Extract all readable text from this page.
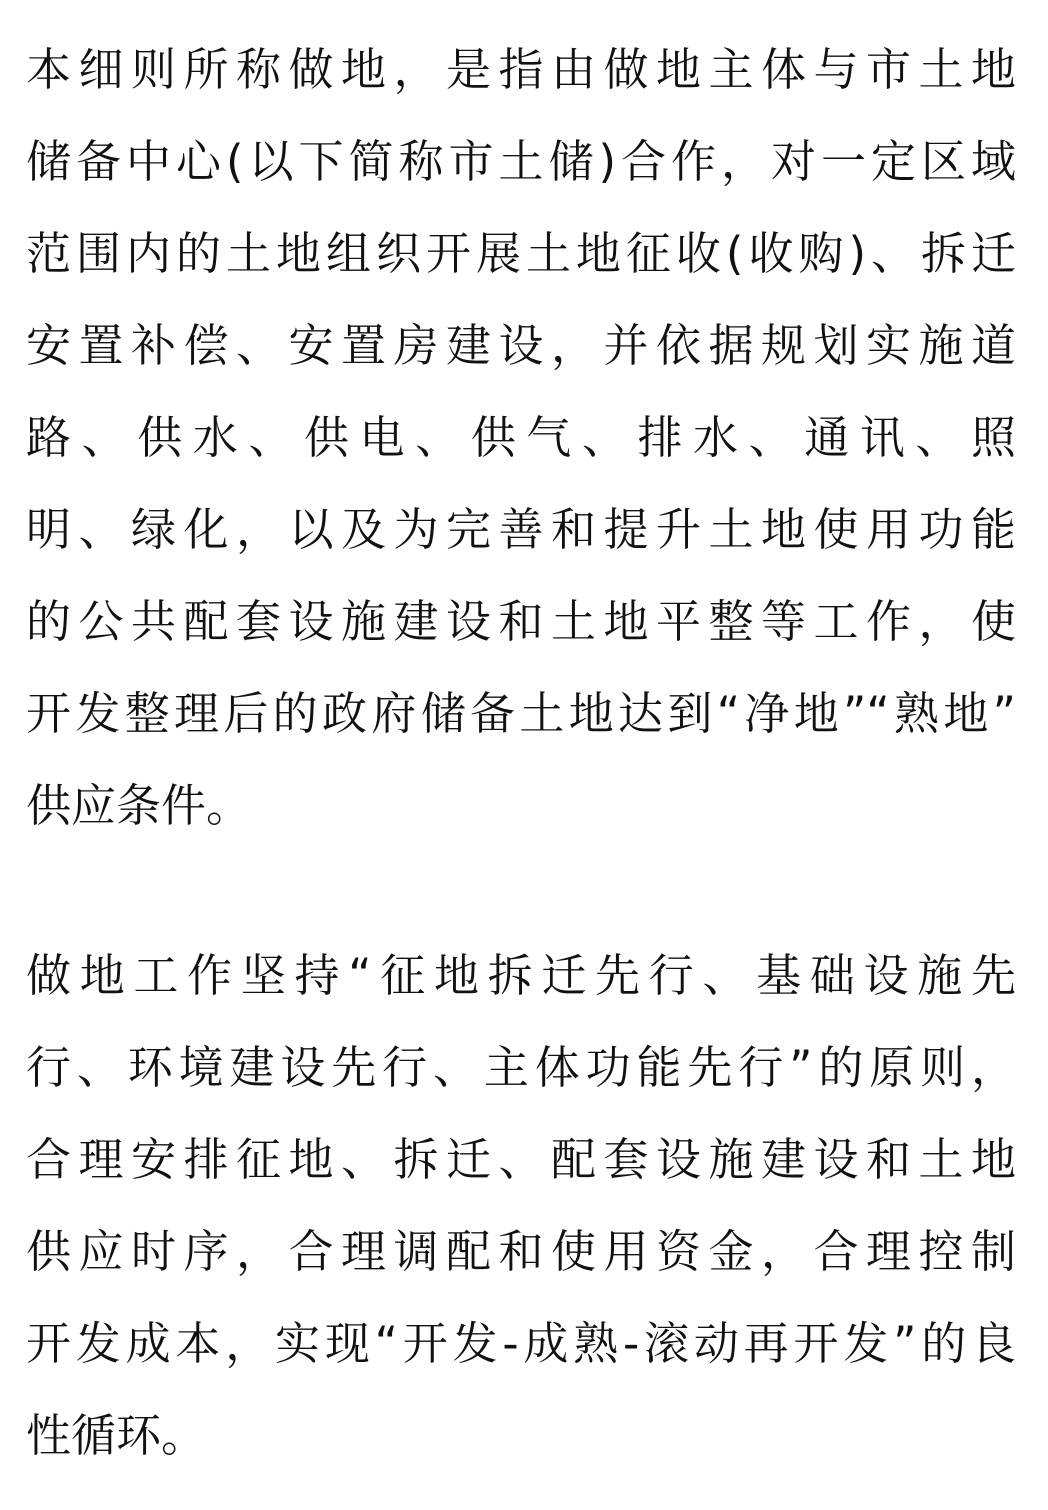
本细则所称做地，是指由做地主体与市土地
储备中心(以下简称市土储)合作，对一定区域
范围内的土地组织开展土地征收(收购)、拆迁
安置补偿、安置房建设，并依据规划实施道
路、供水、供电、供气、排水、通讯、照
明、绿化，以及为完善和提升土地使用功能
的公共配套设施建设和土地平整等工作，使
开发整理后的政府储备土地达到“净地”“熟地”
供应条件。
做地工作坚持“征地拆迁先行、基础设施先
行、环境建设先行、主体功能先行”的原则，
合理安排征地、拆迁、配套设施建设和土地
供应时序，合理调配和使用资金，合理控制
开发成本，实现“开发-成熟-滚动再开发”的良
性循环。
